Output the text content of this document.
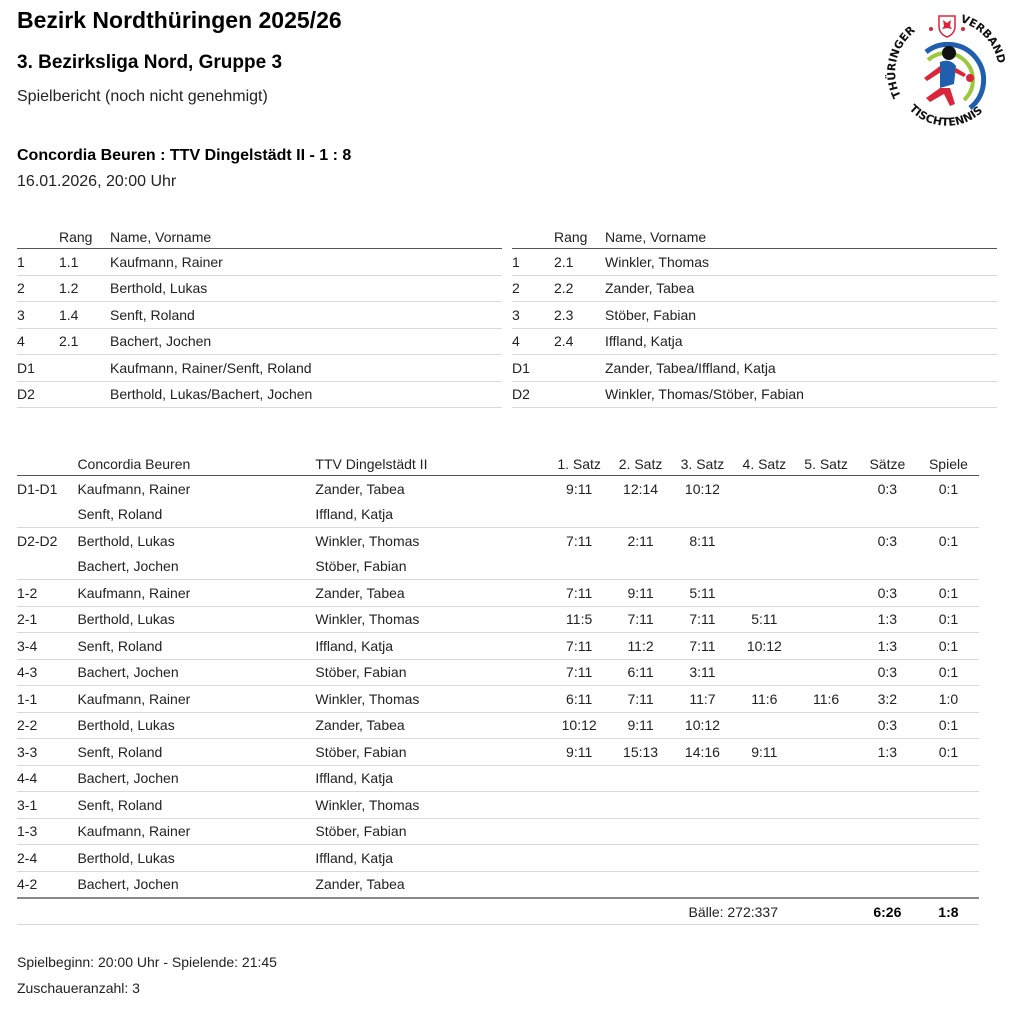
Bezirk Nordthüringen 2025/26
3. Bezirksliga Nord, Gruppe 3
Spielbericht (noch nicht genehmigt)
Concordia Beuren : TTV Dingelstädt II - 1 : 8
16.01.2026, 20:00 Uhr
THÜRINGER
TISCHTENNIS
VERBAND
	Rang	Name, Vorname
1	1.1	Kaufmann, Rainer
2	1.2	Berthold, Lukas
3	1.4	Senft, Roland
4	2.1	Bachert, Jochen
D1		Kaufmann, Rainer/Senft, Roland
D2		Berthold, Lukas/Bachert, Jochen
	Rang	Name, Vorname
1	2.1	Winkler, Thomas
2	2.2	Zander, Tabea
3	2.3	Stöber, Fabian
4	2.4	Iffland, Katja
D1		Zander, Tabea/Iffland, Katja
D2		Winkler, Thomas/Stöber, Fabian
	Concordia Beuren	TTV Dingelstädt II	1. Satz	2. Satz	3. Satz	4. Satz	5. Satz	Sätze	Spiele
D1-D1	Kaufmann, Rainer	Zander, Tabea	9:11	12:14	10:12			0:3	0:1
	Senft, Roland	Iffland, Katja							
D2-D2	Berthold, Lukas	Winkler, Thomas	7:11	2:11	8:11			0:3	0:1
	Bachert, Jochen	Stöber, Fabian							
1-2	Kaufmann, Rainer	Zander, Tabea	7:11	9:11	5:11			0:3	0:1
2-1	Berthold, Lukas	Winkler, Thomas	11:5	7:11	7:11	5:11		1:3	0:1
3-4	Senft, Roland	Iffland, Katja	7:11	11:2	7:11	10:12		1:3	0:1
4-3	Bachert, Jochen	Stöber, Fabian	7:11	6:11	3:11			0:3	0:1
1-1	Kaufmann, Rainer	Winkler, Thomas	6:11	7:11	11:7	11:6	11:6	3:2	1:0
2-2	Berthold, Lukas	Zander, Tabea	10:12	9:11	10:12			0:3	0:1
3-3	Senft, Roland	Stöber, Fabian	9:11	15:13	14:16	9:11		1:3	0:1
4-4	Bachert, Jochen	Iffland, Katja							
3-1	Senft, Roland	Winkler, Thomas							
1-3	Kaufmann, Rainer	Stöber, Fabian							
2-4	Berthold, Lukas	Iffland, Katja							
4-2	Bachert, Jochen	Zander, Tabea							
				Bälle: 272:337				6:26	1:8
Spielbeginn: 20:00 Uhr - Spielende: 21:45
Zuschaueranzahl: 3
